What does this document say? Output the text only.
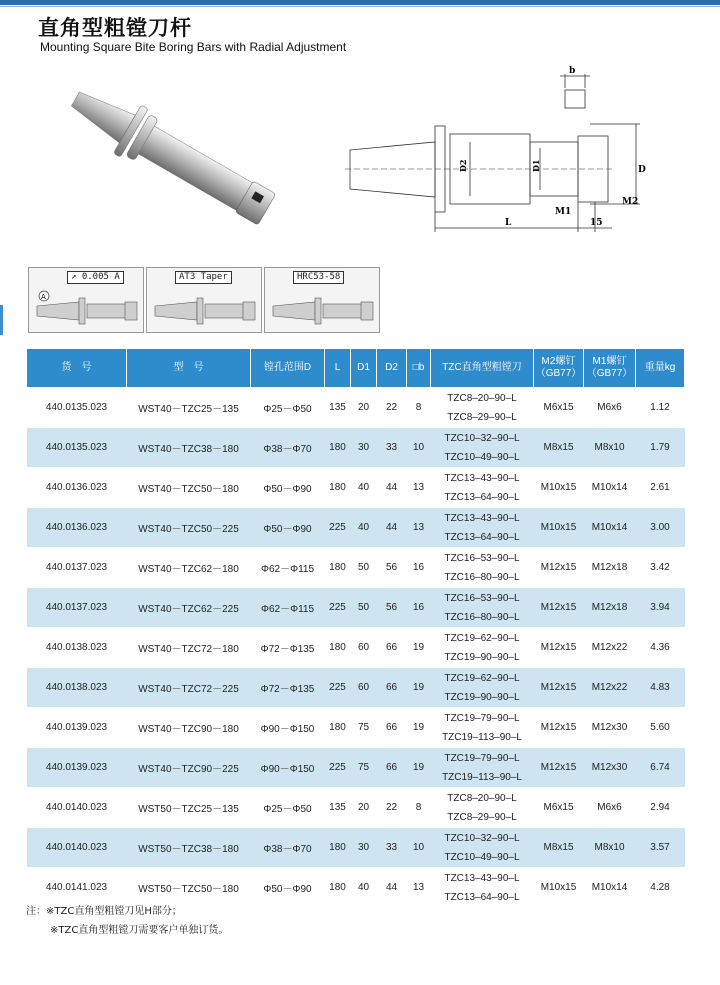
直角型粗镗刀杆
Mounting Square Bite Boring Bars with Radial Adjustment
b
D2	D1	D
M1
M2
L	15
A
↗ 0.005 A	AT3 Taper	HRC53-58
货　号	型　号	镗孔范围D	L	D1	D2	□b	TZC直角型粗镗刀	M2螺钉 （GB77）	M1螺钉 （GB77）	重量kg
440.0135.023	WST40－TZC25－135	Φ25－Φ50	135	20	22	8	TZC8–20–90–L
TZC8–29–90–L	M6x15	M6x6	1.12
440.0135.023	WST40－TZC38－180	Φ38－Φ70	180	30	33	10	TZC10–32–90–L
TZC10–49–90–L	M8x15	M8x10	1.79
440.0136.023	WST40－TZC50－180	Φ50－Φ90	180	40	44	13	TZC13–43–90–L
TZC13–64–90–L	M10x15	M10x14	2.61
440.0136.023	WST40－TZC50－225	Φ50－Φ90	225	40	44	13	TZC13–43–90–L
TZC13–64–90–L	M10x15	M10x14	3.00
440.0137.023	WST40－TZC62－180	Φ62－Φ115	180	50	56	16	TZC16–53–90–L
TZC16–80–90–L	M12x15	M12x18	3.42
440.0137.023	WST40－TZC62－225	Φ62－Φ115	225	50	56	16	TZC16–53–90–L
TZC16–80–90–L	M12x15	M12x18	3.94
440.0138.023	WST40－TZC72－180	Φ72－Φ135	180	60	66	19	TZC19–62–90–L
TZC19–90–90–L	M12x15	M12x22	4.36
440.0138.023	WST40－TZC72－225	Φ72－Φ135	225	60	66	19	TZC19–62–90–L
TZC19–90–90–L	M12x15	M12x22	4.83
440.0139.023	WST40－TZC90－180	Φ90－Φ150	180	75	66	19	TZC19–79–90–L
TZC19–113–90–L	M12x15	M12x30	5.60
440.0139.023	WST40－TZC90－225	Φ90－Φ150	225	75	66	19	TZC19–79–90–L
TZC19–113–90–L	M12x15	M12x30	6.74
440.0140.023	WST50－TZC25－135	Φ25－Φ50	135	20	22	8	TZC8–20–90–L
TZC8–29–90–L	M6x15	M6x6	2.94
440.0140.023	WST50－TZC38－180	Φ38－Φ70	180	30	33	10	TZC10–32–90–L
TZC10–49–90–L	M8x15	M8x10	3.57
440.0141.023	WST50－TZC50－180	Φ50－Φ90	180	40	44	13	TZC13–43–90–L
TZC13–64–90–L	M10x15	M10x14	4.28
注：※TZC直角型粗镗刀见H部分；
※TZC直角型粗镗刀需要客户单独订货。
